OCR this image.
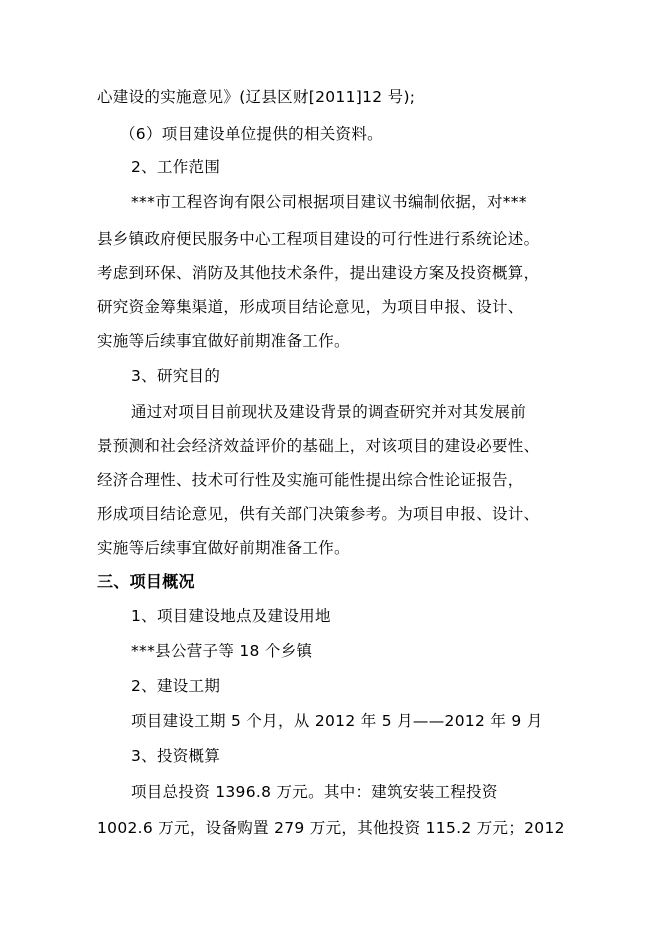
心建设的实施意见》(辽县区财[2011]12 号);
（6）项目建设单位提供的相关资料。
2、工作范围
***市工程咨询有限公司根据项目建议书编制依据，对***
县乡镇政府便民服务中心工程项目建设的可行性进行系统论述。
考虑到环保、消防及其他技术条件，提出建设方案及投资概算，
研究资金筹集渠道，形成项目结论意见，为项目申报、设计、
实施等后续事宜做好前期准备工作。
3、研究目的
通过对项目目前现状及建设背景的调查研究并对其发展前
景预测和社会经济效益评价的基础上，对该项目的建设必要性、
经济合理性、技术可行性及实施可能性提出综合性论证报告，
形成项目结论意见，供有关部门决策参考。为项目申报、设计、
实施等后续事宜做好前期准备工作。
三、项目概况
1、项目建设地点及建设用地
***县公营子等 18 个乡镇
2、建设工期
项目建设工期 5 个月，从 2012 年 5 月——2012 年 9 月
3、投资概算
项目总投资 1396.8 万元。其中：建筑安装工程投资
1002.6 万元，设备购置 279 万元，其他投资 115.2 万元；2012
